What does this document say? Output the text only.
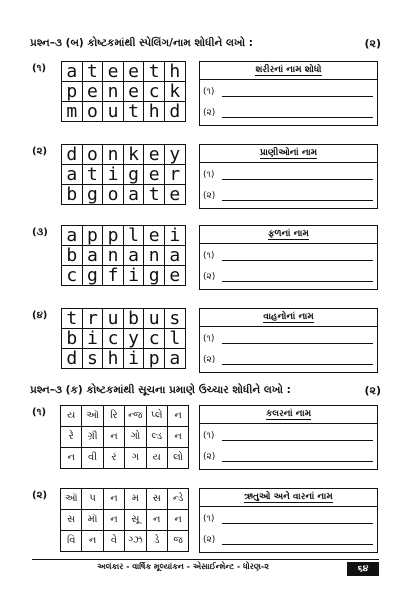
પ્રશ્ન–૩ (બ) કોષ્ટકમાંથી સ્પેલિંગ/નામ શોધીને લખો :	(૨)
(૧) a	t	e	e	t	h
p	e	n	e	c	k
m	o	u	t	h	d
શરીરનાં નામ શોધો
(૧)
(૨)
(૨) d	o	n	k	e	y
a	t	i	g	e	r
b	g	o	a	t	e
પ્રાણીઓનાં નામ
(૧)
(૨)
(૩) a	p	p	l	e	i
b	a	n	a	n	a
c	g	f	i	g	e
ફળનાં નામ
(૧)
(૨)
(૪) t	r	u	b	u	s
b	i	c	y	c	l
d	s	h	i	p	a
વાહનોનાં નામ
(૧)
(૨)
પ્રશ્ન–૩ (ક) કોષ્ટકમાંથી સૂચના પ્રમાણે ઉચ્ચાર શોધીને લખો :	(૨)
(૧) ય	ઑ	રિ	ન્જ	પ્લે	ન
રે	ગ્રી	ન	ગો	લ્ડ	ન
ન	વી	રં	ગ	ય	લો
કલરનાં નામ
(૧)
(૨)
(૨) ઑ	પ	ન	મ	સ	ન્ડે
સ	મૉ	ન	સૂ	ન	ન
વિ	ન	વે	ગ્ઝ	ડે	જ
ઋતુઓ અને વારનાં નામ
(૧)
(૨)
અલંકાર - વાર્ષિક મૂલ્યાંકન - એસાઈન્મેન્ટ - ધોરણ-૨	૬૪
